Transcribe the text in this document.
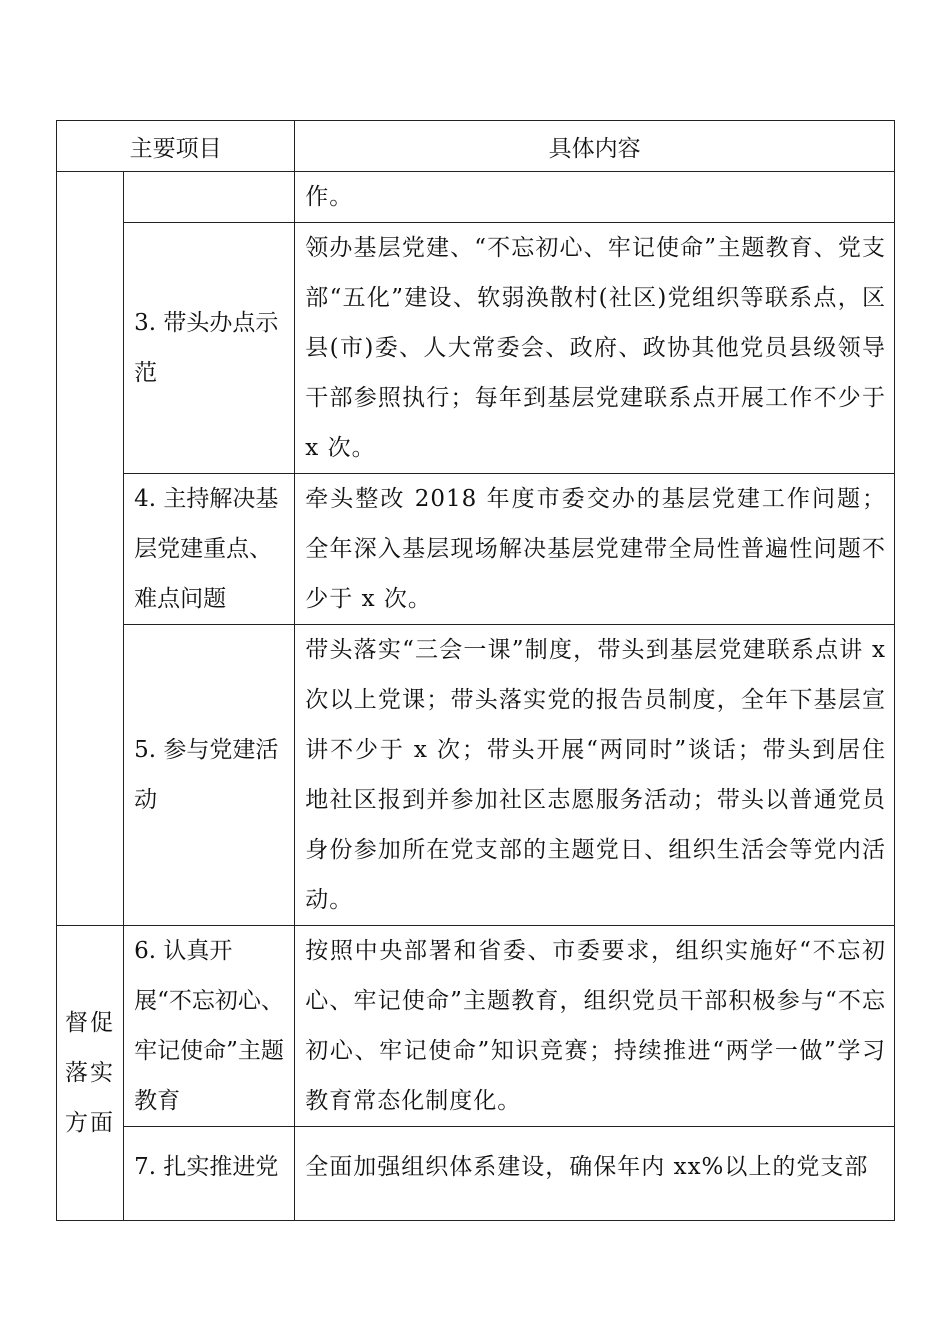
主要项目		具体内容
		作。
	3. 带头办点示范	领办基层党建、“不忘初心、牢记使命”主题教育、党支部“五化”建设、软弱涣散村(社区)党组织等联系点，区县(市)委、人大常委会、政府、政协其他党员县级领导干部参照执行；每年到基层党建联系点开展工作不少于 x 次。
	4. 主持解决基层党建重点、难点问题	牵头整改 2018 年度市委交办的基层党建工作问题；全年深入基层现场解决基层党建带全局性普遍性问题不少于 x 次。
	5. 参与党建活动	带头落实“三会一课”制度，带头到基层党建联系点讲 x 次以上党课；带头落实党的报告员制度，全年下基层宣讲不少于 x 次；带头开展“两同时”谈话；带头到居住地社区报到并参加社区志愿服务活动；带头以普通党员身份参加所在党支部的主题党日、组织生活会等党内活动。
督促落实方面	6. 认真开展“不忘初心、牢记使命”主题教育	按照中央部署和省委、市委要求，组织实施好“不忘初心、牢记使命”主题教育，组织党员干部积极参与“不忘初心、牢记使命”知识竞赛；持续推进“两学一做”学习教育常态化制度化。
	7. 扎实推进党	全面加强组织体系建设，确保年内 xx%以上的党支部
